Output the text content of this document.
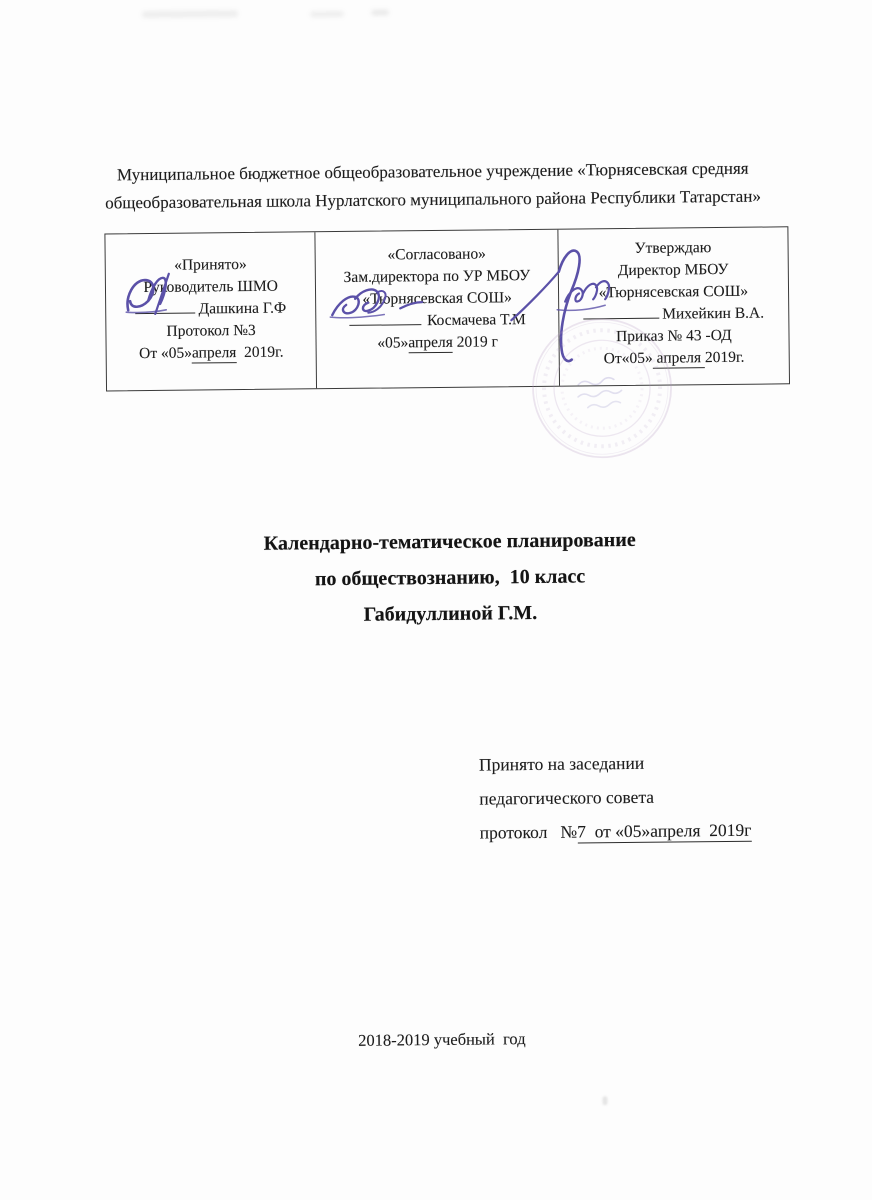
Муниципальное бюджетное общеобразовательное учреждение «Тюрнясевская средняя общеобразовательная школа Нурлатского муниципального района Республики Татарстан»

«Принято»
Руководитель ШМО
Дашкина Г.Ф
Протокол №3
От «05»апреля  2019г.
«Согласовано»
Зам.директора по УР МБОУ
«Тюрнясевская СОШ»
Космачева Т.М
«05»апреля 2019 г
Утверждаю
Директор МБОУ
«Тюрнясевская СОШ»
Михейкин В.А.
Приказ № 43 -ОД
От«05» апреля 2019г.
Календарно-тематическое планирование
по обществознанию,  10 класс
Габидуллиной Г.М.
Принято на заседании
педагогического совета
протокол   №7  от «05»апреля  2019г
2018-2019 учебный  год
